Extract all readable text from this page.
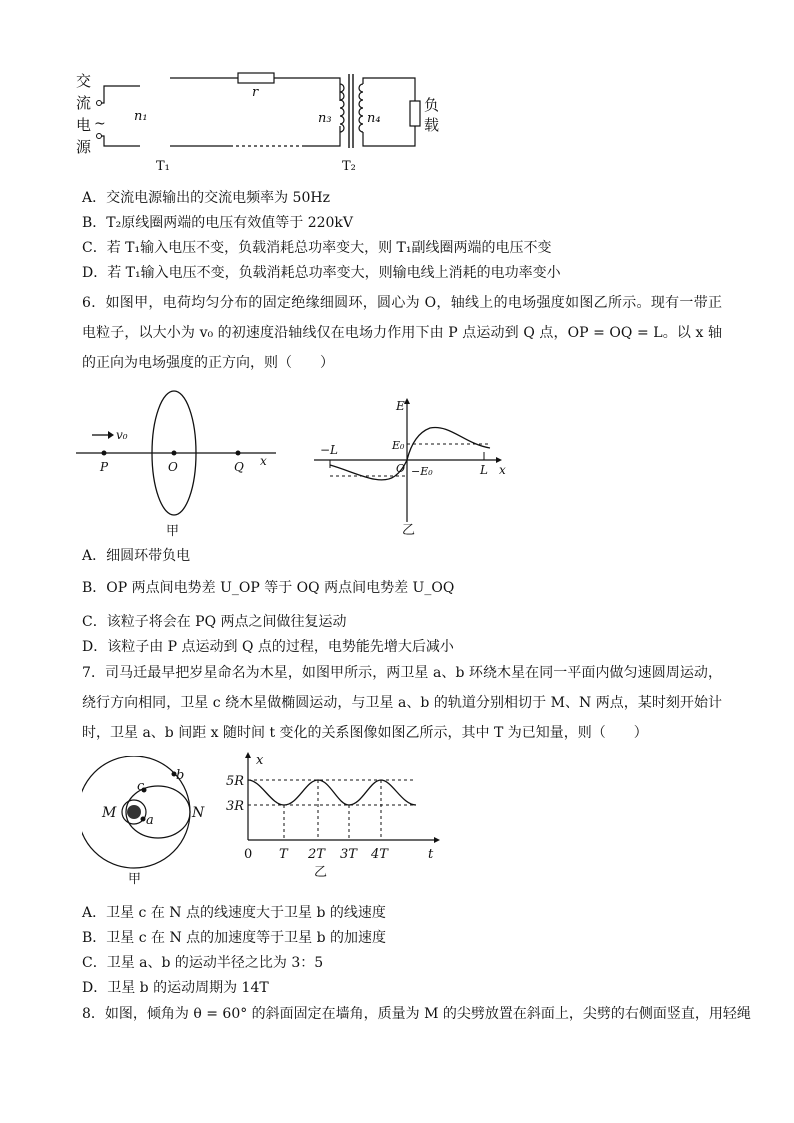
交
流
电
源
~ n₁
r
n₃	n₄
负
载
T₁	T₂
A．交流电源输出的交流电频率为 50Hz
B．T₂原线圈两端的电压有效值等于 220kV
C．若 T₁输入电压不变，负载消耗总功率变大，则 T₁副线圈两端的电压不变
D．若 T₁输入电压不变，负载消耗总功率变大，则输电线上消耗的电功率变小
6．如图甲，电荷均匀分布的固定绝缘细圆环，圆心为 O，轴线上的电场强度如图乙所示。现有一带正电粒子，以大小为 v₀ 的初速度沿轴线仅在电场力作用下由 P 点运动到 Q 点，OP = OQ = L。以 x 轴的正向为电场强度的正方向，则（　　）
v₀
P	O	Q x
甲
E
−L	E₀
O −E₀	L x
乙
A．细圆环带负电
B．OP 两点间电势差 U_OP 等于 OQ 两点间电势差 U_OQ
C．该粒子将会在 PQ 两点之间做往复运动
D．该粒子由 P 点运动到 Q 点的过程，电势能先增大后减小
7．司马迁最早把岁星命名为木星，如图甲所示，两卫星 a、b 环绕木星在同一平面内做匀速圆周运动，绕行方向相同，卫星 c 绕木星做椭圆运动，与卫星 a、b 的轨道分别相切于 M、N 两点，某时刻开始计时，卫星 a、b 间距 x 随时间 t 变化的关系图像如图乙所示，其中 T 为已知量，则（　　）
c
b
M a	N
甲
x
5R
3R
0 T 2T 3T 4T	t
乙
A．卫星 c 在 N 点的线速度大于卫星 b 的线速度
B．卫星 c 在 N 点的加速度等于卫星 b 的加速度
C．卫星 a、b 的运动半径之比为 3：5
D．卫星 b 的运动周期为 14T
8．如图，倾角为 θ = 60° 的斜面固定在墙角，质量为 M 的尖劈放置在斜面上，尖劈的右侧面竖直，用轻绳
